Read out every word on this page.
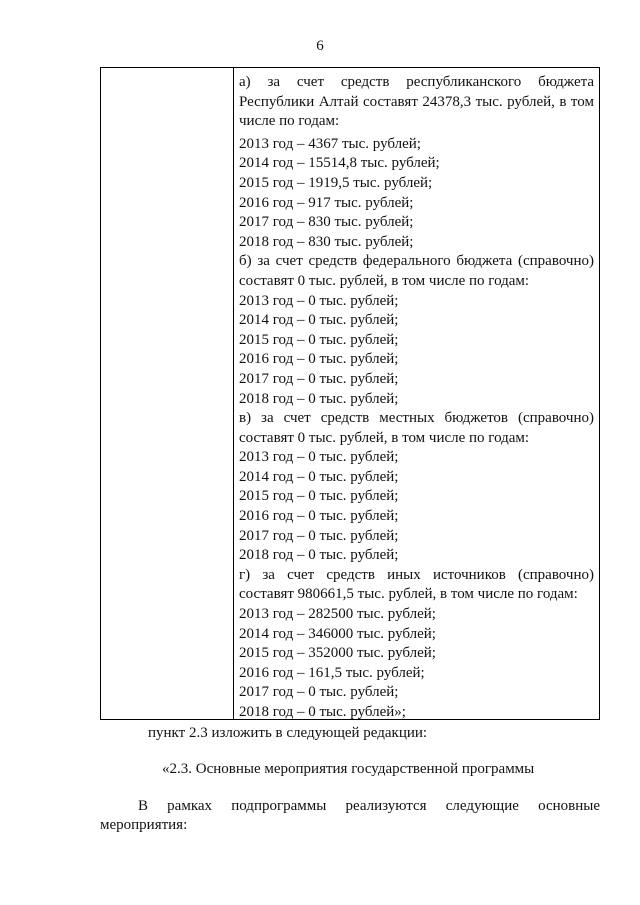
6
а) за счет средств республиканского бюджета
Республики Алтай составят 24378,3 тыс. рублей, в том
числе по годам:
2013 год – 4367 тыс. рублей;
2014 год – 15514,8 тыс. рублей;
2015 год – 1919,5 тыс. рублей;
2016 год – 917 тыс. рублей;
2017 год – 830 тыс. рублей;
2018 год – 830 тыс. рублей;
б) за счет средств федерального бюджета (справочно)
составят 0 тыс. рублей, в том числе по годам:
2013 год – 0 тыс. рублей;
2014 год – 0 тыс. рублей;
2015 год – 0 тыс. рублей;
2016 год – 0 тыс. рублей;
2017 год – 0 тыс. рублей;
2018 год – 0 тыс. рублей;
в) за счет средств местных бюджетов (справочно)
составят 0 тыс. рублей, в том числе по годам:
2013 год – 0 тыс. рублей;
2014 год – 0 тыс. рублей;
2015 год – 0 тыс. рублей;
2016 год – 0 тыс. рублей;
2017 год – 0 тыс. рублей;
2018 год – 0 тыс. рублей;
г) за счет средств иных источников (справочно)
составят 980661,5 тыс. рублей, в том числе по годам:
2013 год – 282500 тыс. рублей;
2014 год – 346000 тыс. рублей;
2015 год – 352000 тыс. рублей;
2016 год – 161,5 тыс. рублей;
2017 год – 0 тыс. рублей;
2018 год – 0 тыс. рублей»;
пункт 2.3 изложить в следующей редакции:
«2.3. Основные мероприятия государственной программы
В рамках подпрограммы реализуются следующие основные
мероприятия:
